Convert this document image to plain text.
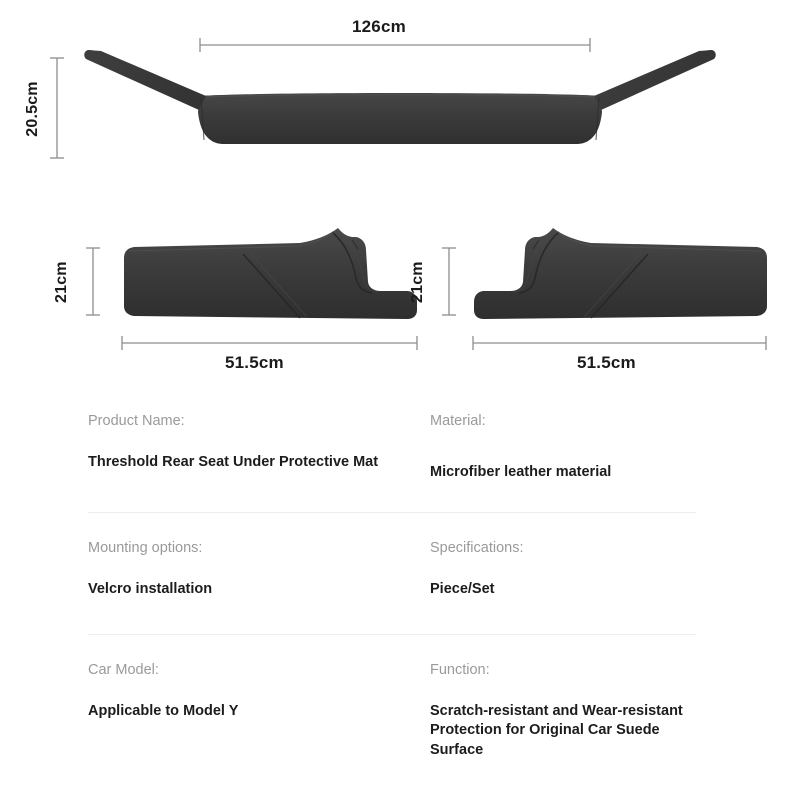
126cm
20.5cm
21cm	21cm
51.5cm	51.5cm
Product Name:
Threshold Rear Seat Under Protective Mat
Material:
Microfiber leather material
Mounting options:
Velcro installation
Specifications:
Piece/Set
Car Model:
Applicable to Model Y
Function:
Scratch-resistant and Wear-resistant Protection for Original Car Suede Surface
